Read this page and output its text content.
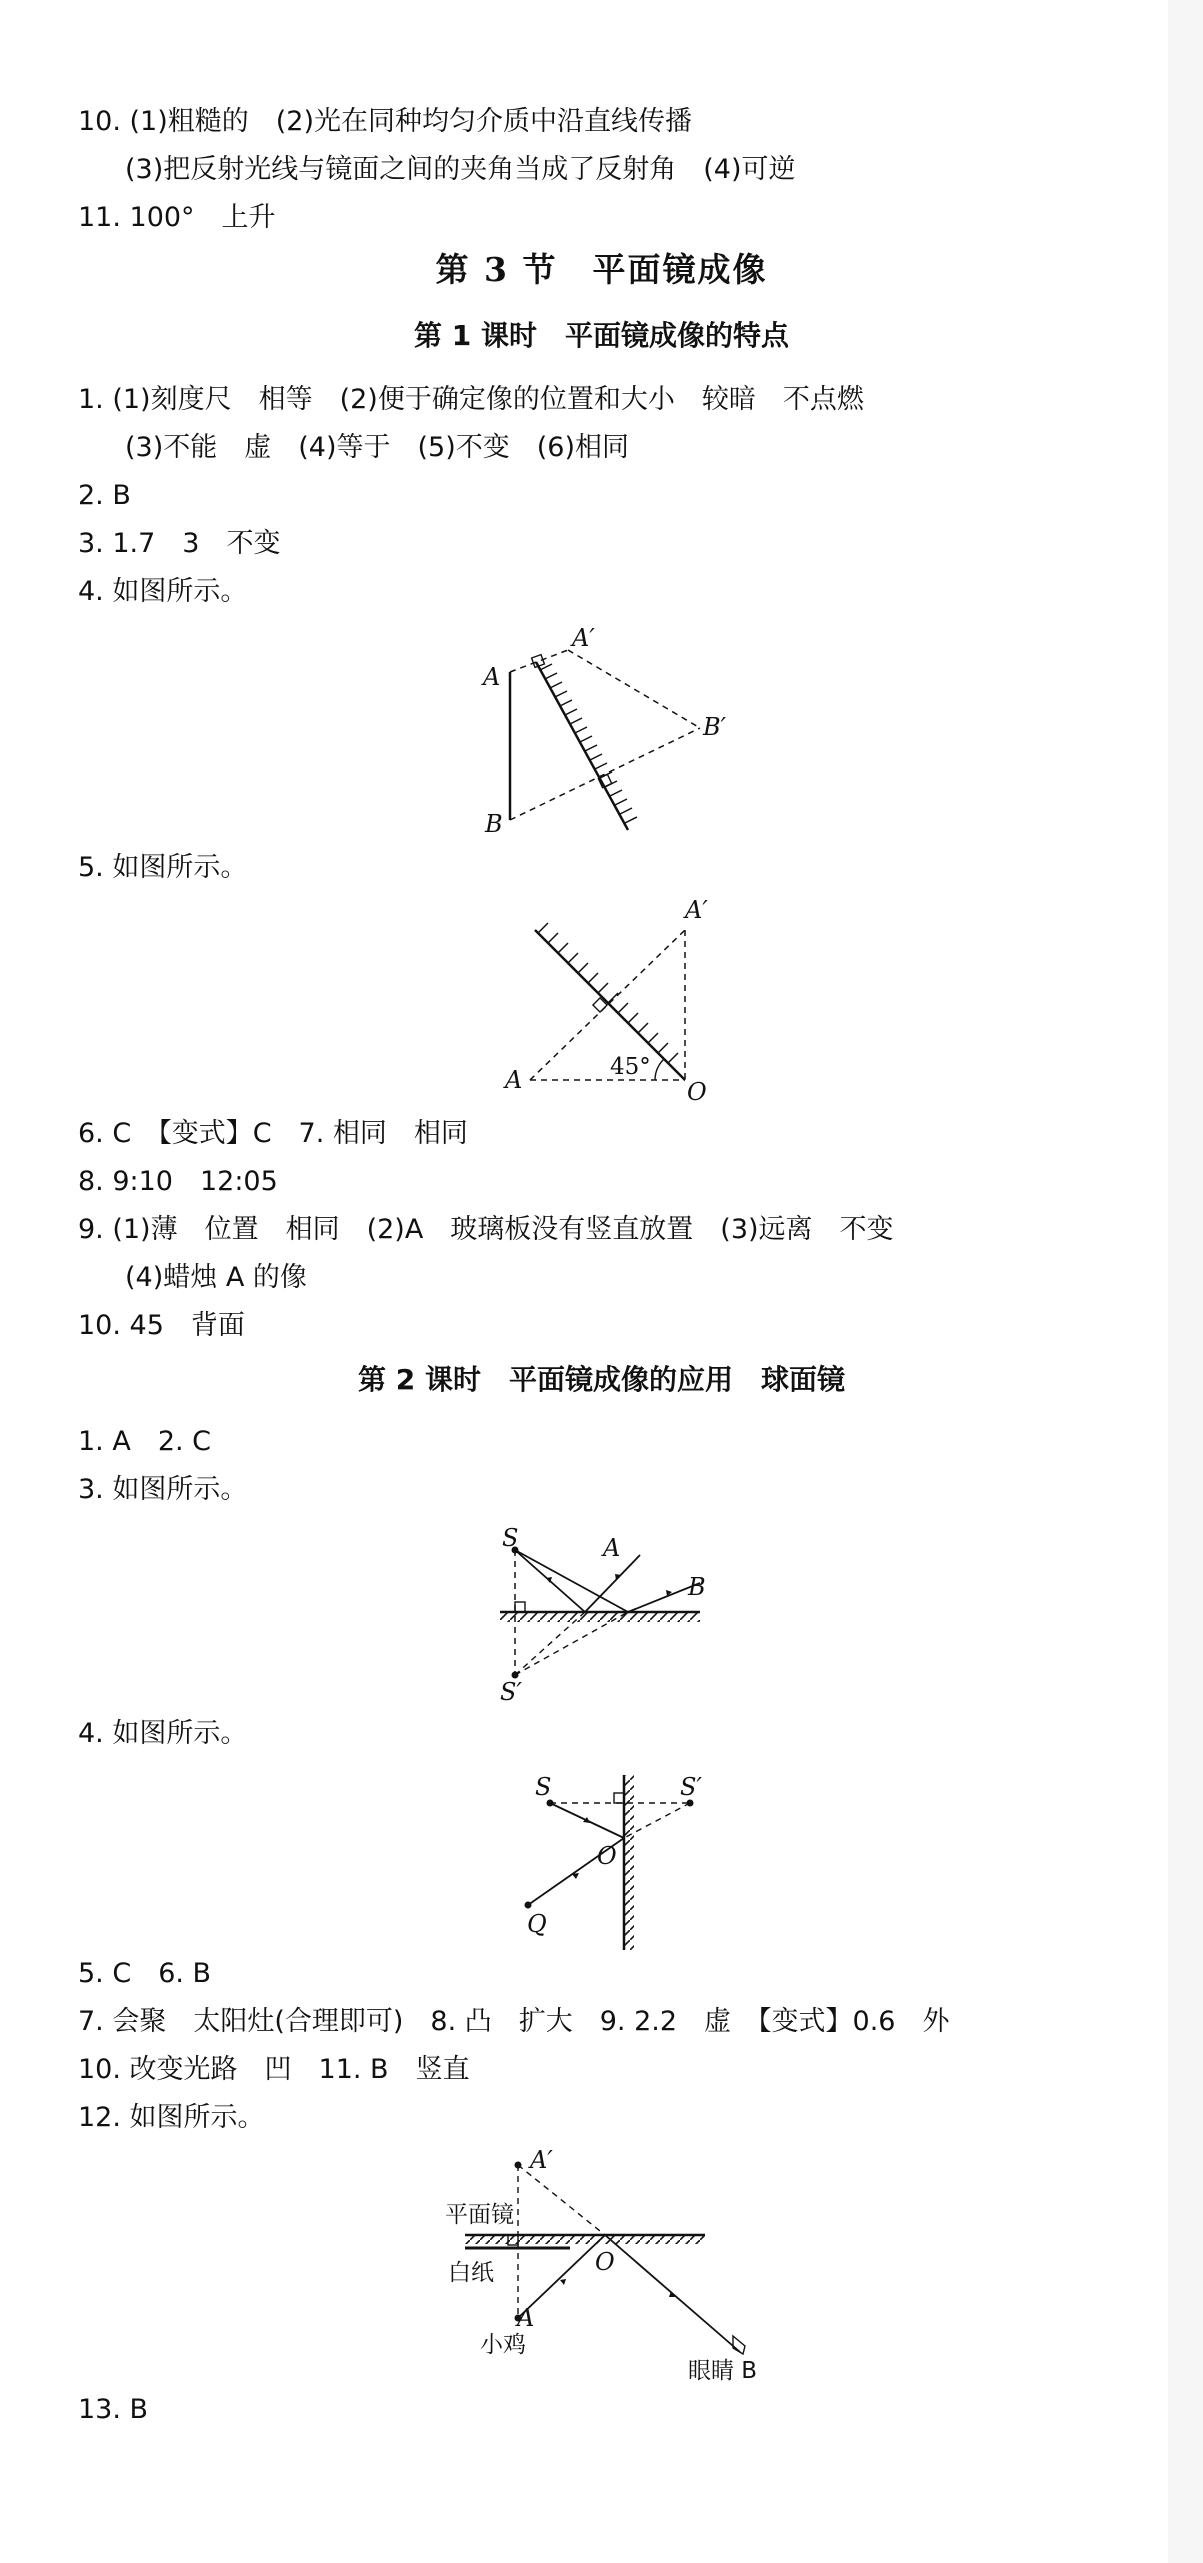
10. (1)粗糙的　(2)光在同种均匀介质中沿直线传播
(3)把反射光线与镜面之间的夹角当成了反射角　(4)可逆
11. 100°　上升
第 3 节　平面镜成像
第 1 课时　平面镜成像的特点
1. (1)刻度尺　相等　(2)便于确定像的位置和大小　较暗　不点燃
(3)不能　虚　(4)等于　(5)不变　(6)相同
2. B
3. 1.7　3　不变
4. 如图所示。
5. 如图所示。
6. C　【变式】C　7. 相同　相同
8. 9:10　12:05
9. (1)薄　位置　相同　(2)A　玻璃板没有竖直放置　(3)远离　不变
(4)蜡烛 A 的像
10. 45　背面
第 2 课时　平面镜成像的应用　球面镜
1. A　2. C
3. 如图所示。
4. 如图所示。
5. C　6. B
7. 会聚　太阳灶(合理即可)　8. 凸　扩大　9. 2.2　虚　【变式】0.6　外
10. 改变光路　凹　11. B　竖直
12. 如图所示。
13. B
A
A′
B′
B
A
A′
O
45°
S	A
B
S′
S	S′
O
Q
A′
平面镜
白纸	O
A
小鸡
眼睛 B
